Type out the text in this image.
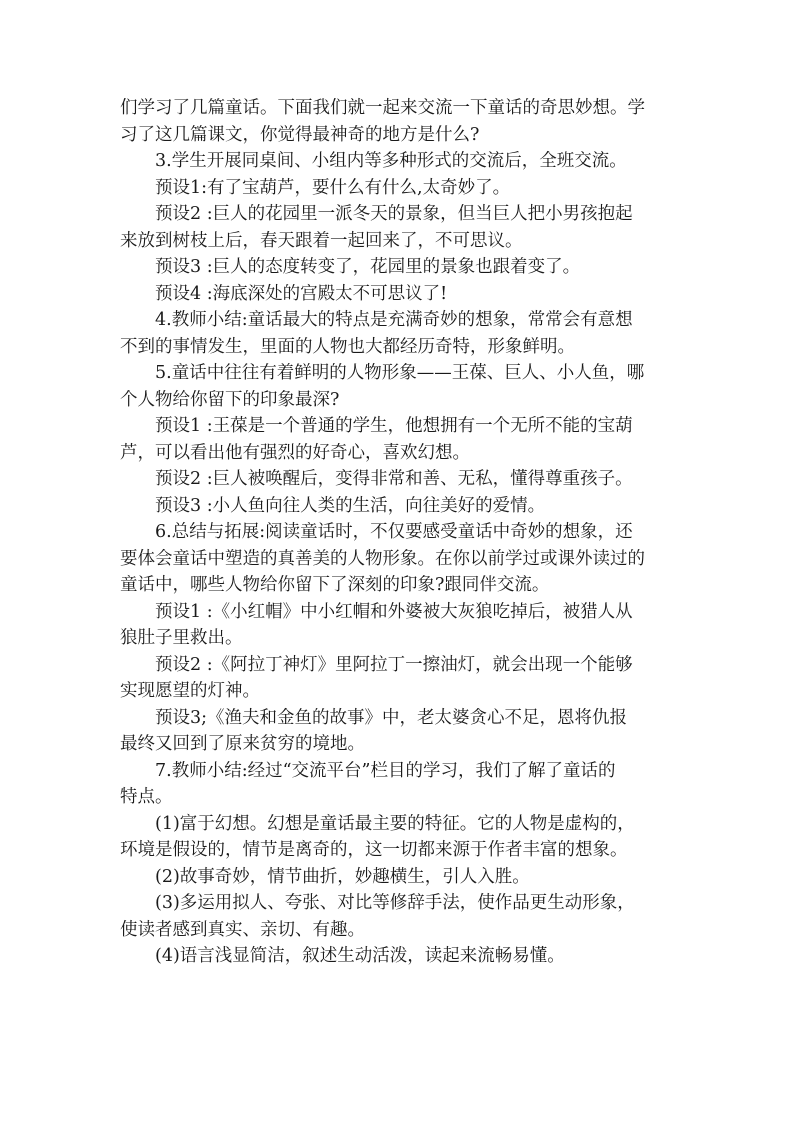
们学习了几篇童话。下面我们就一起来交流一下童话的奇思妙想。学

习了这几篇课文，你觉得最神奇的地方是什么?

3.学生开展同桌间、小组内等多种形式的交流后，全班交流。

预设1:有了宝葫芦，要什么有什么,太奇妙了。

预设2 :巨人的花园里一派冬天的景象，但当巨人把小男孩抱起

来放到树枝上后，春天跟着一起回来了，不可思议。

预设3 :巨人的态度转变了，花园里的景象也跟着变了。

预设4 :海底深处的宫殿太不可思议了!

4.教师小结:童话最大的特点是充满奇妙的想象，常常会有意想

不到的事情发生，里面的人物也大都经历奇特，形象鲜明。

5.童话中往往有着鲜明的人物形象——王葆、巨人、小人鱼，哪

个人物给你留下的印象最深?

预设1 :王葆是一个普通的学生，他想拥有一个无所不能的宝葫

芦，可以看出他有强烈的好奇心，喜欢幻想。

预设2 :巨人被唤醒后，变得非常和善、无私，懂得尊重孩子。

预设3 :小人鱼向往人类的生活，向往美好的爱情。

6.总结与拓展:阅读童话时，不仅要感受童话中奇妙的想象，还

要体会童话中塑造的真善美的人物形象。在你以前学过或课外读过的

童话中，哪些人物给你留下了深刻的印象?跟同伴交流。

预设1 :《小红帽》中小红帽和外婆被大灰狼吃掉后，被猎人从

狼肚子里救出。

预设2 :《阿拉丁神灯》里阿拉丁一擦油灯，就会出现一个能够

实现愿望的灯神。

预设3;《渔夫和金鱼的故事》中，老太婆贪心不足，恩将仇报

最终又回到了原来贫穷的境地。

7.教师小结:经过“交流平台”栏目的学习，我们了解了童话的

特点。

(1)富于幻想。幻想是童话最主要的特征。它的人物是虚构的，

环境是假设的，情节是离奇的，这一切都来源于作者丰富的想象。

(2)故事奇妙，情节曲折，妙趣横生，引人入胜。

(3)多运用拟人、夸张、对比等修辞手法，使作品更生动形象，

使读者感到真实、亲切、有趣。

(4)语言浅显简洁，叙述生动活泼，读起来流畅易懂。
